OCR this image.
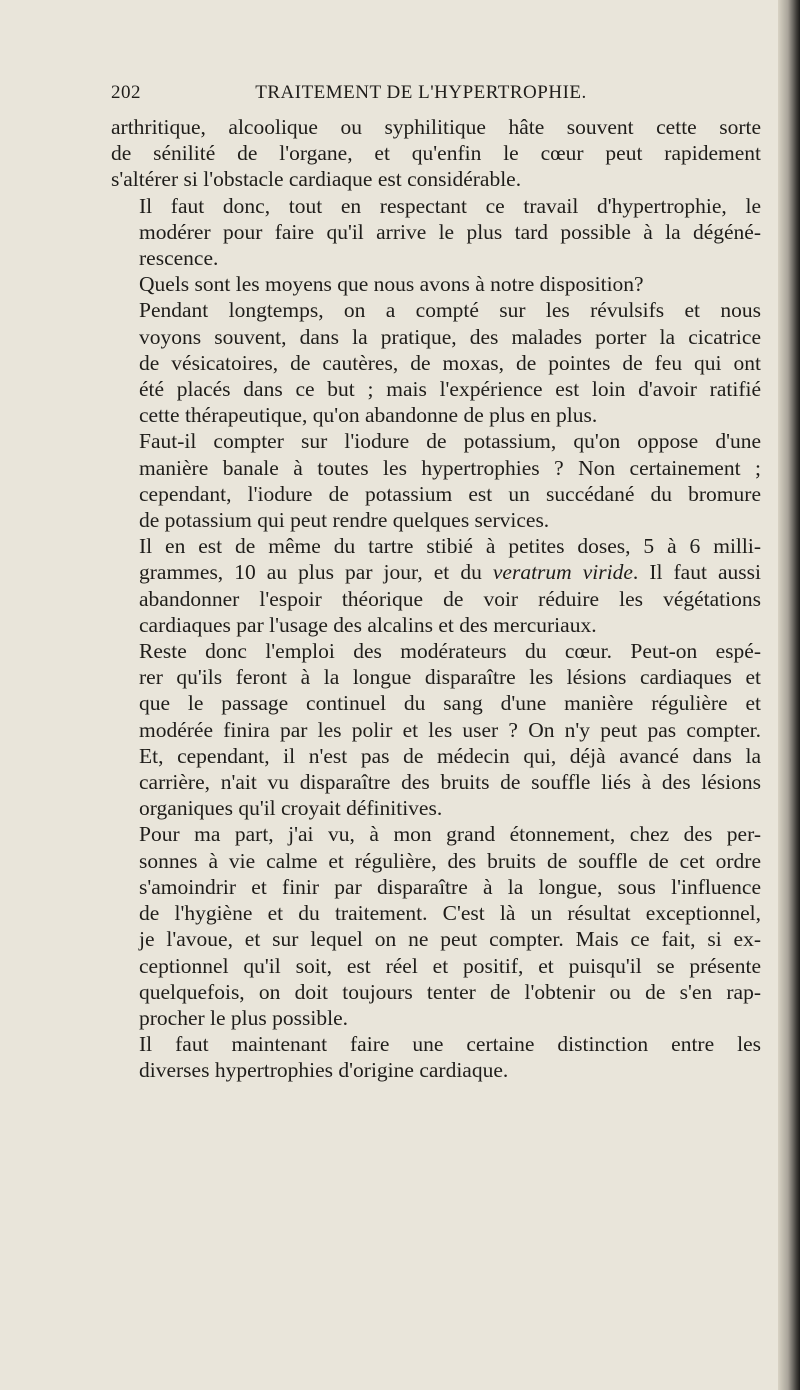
202	TRAITEMENT DE L'HYPERTROPHIE.
arthritique, alcoolique ou syphilitique hâte souvent cette sorte
de sénilité de l'organe, et qu'enfin le cœur peut rapidement
s'altérer si l'obstacle cardiaque est considérable.
Il faut donc, tout en respectant ce travail d'hypertrophie, le
modérer pour faire qu'il arrive le plus tard possible à la dégéné-
rescence.
Quels sont les moyens que nous avons à notre disposition?
Pendant longtemps, on a compté sur les révulsifs et nous
voyons souvent, dans la pratique, des malades porter la cicatrice
de vésicatoires, de cautères, de moxas, de pointes de feu qui ont
été placés dans ce but ; mais l'expérience est loin d'avoir ratifié
cette thérapeutique, qu'on abandonne de plus en plus.
Faut-il compter sur l'iodure de potassium, qu'on oppose d'une
manière banale à toutes les hypertrophies ? Non certainement ;
cependant, l'iodure de potassium est un succédané du bromure
de potassium qui peut rendre quelques services.
Il en est de même du tartre stibié à petites doses, 5 à 6 milli-
grammes, 10 au plus par jour, et du veratrum viride. Il faut aussi
abandonner l'espoir théorique de voir réduire les végétations
cardiaques par l'usage des alcalins et des mercuriaux.
Reste donc l'emploi des modérateurs du cœur. Peut-on espé-
rer qu'ils feront à la longue disparaître les lésions cardiaques et
que le passage continuel du sang d'une manière régulière et
modérée finira par les polir et les user ? On n'y peut pas compter.
Et, cependant, il n'est pas de médecin qui, déjà avancé dans la
carrière, n'ait vu disparaître des bruits de souffle liés à des lésions
organiques qu'il croyait définitives.
Pour ma part, j'ai vu, à mon grand étonnement, chez des per-
sonnes à vie calme et régulière, des bruits de souffle de cet ordre
s'amoindrir et finir par disparaître à la longue, sous l'influence
de l'hygiène et du traitement. C'est là un résultat exceptionnel,
je l'avoue, et sur lequel on ne peut compter. Mais ce fait, si ex-
ceptionnel qu'il soit, est réel et positif, et puisqu'il se présente
quelquefois, on doit toujours tenter de l'obtenir ou de s'en rap-
procher le plus possible.
Il faut maintenant faire une certaine distinction entre les
diverses hypertrophies d'origine cardiaque.
